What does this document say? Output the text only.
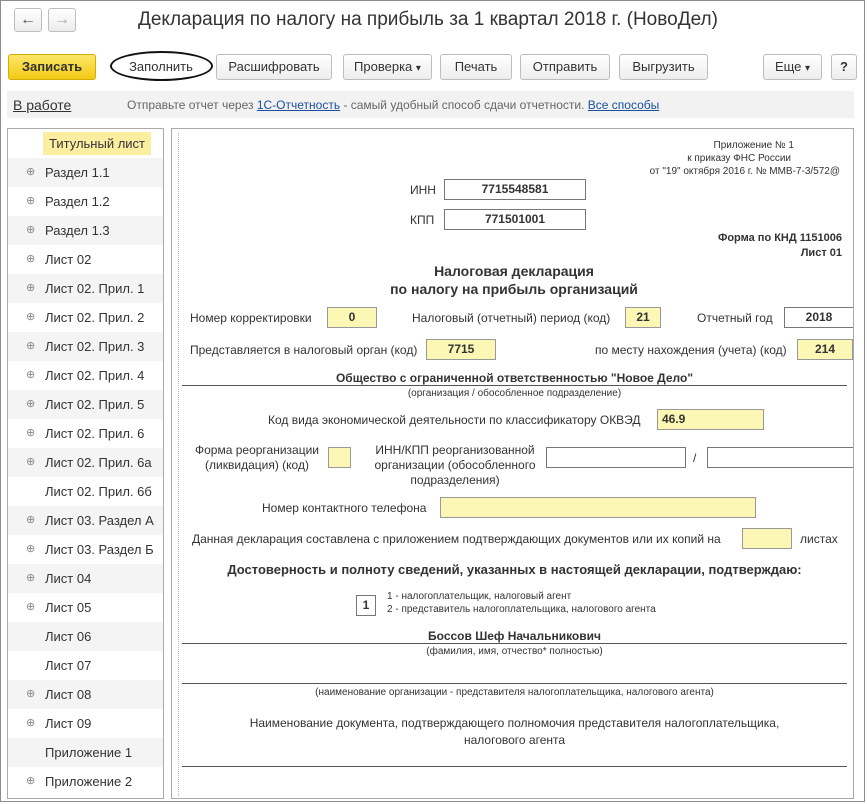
←	→	Декларация по налогу на прибыль за 1 квартал 2018 г. (НовоДел)
Записать	Заполнить	Расшифровать	Проверка ▾	Печать	Отправить	Выгрузить	Еще ▾	?
В работе	Отправьте отчет через 1С-Отчетность - самый удобный способ сдачи отчетности. Все способы
Титульный лист
⊕ Раздел 1.1
⊕ Раздел 1.2
⊕ Раздел 1.3
⊕ Лист 02
⊕ Лист 02. Прил. 1
⊕ Лист 02. Прил. 2
⊕ Лист 02. Прил. 3
⊕ Лист 02. Прил. 4
⊕ Лист 02. Прил. 5
⊕ Лист 02. Прил. 6
⊕ Лист 02. Прил. 6а
Лист 02. Прил. 6б
⊕ Лист 03. Раздел А
⊕ Лист 03. Раздел Б
⊕ Лист 04
⊕ Лист 05
Лист 06
Лист 07
⊕ Лист 08
⊕ Лист 09
Приложение 1
⊕ Приложение 2
Приложение № 1
к приказу ФНС России
от "19" октября 2016 г. № ММВ-7-3/572@
ИНН	7715548581
КПП	771501001
Форма по КНД 1151006
Лист 01
Налоговая декларация
по налогу на прибыль организаций
Номер корректировки	0	Налоговый (отчетный) период (код)	21	Отчетный год	2018
Представляется в налоговый орган (код)	7715	по месту нахождения (учета) (код)	214
Общество с ограниченной ответственностью "Новое Дело"
(организация / обособленное подразделение)
Код вида экономической деятельности по классификатору ОКВЭД	46.9
Форма реорганизации
(ликвидация) (код)
ИНН/КПП реорганизованной
организации (обособленного
подразделения)
/
Номер контактного телефона
Данная декларация составлена с приложением подтверждающих документов или их копий на	листах
Достоверность и полноту сведений, указанных в настоящей декларации, подтверждаю:
1
1 - налогоплательщик, налоговый агент
2 - представитель налогоплательщика, налогового агента
Боссов Шеф Начальникович
(фамилия, имя, отчество* полностью)
(наименование организации - представителя налогоплательщика, налогового агента)
Наименование документа, подтверждающего полномочия представителя налогоплательщика,
налогового агента
